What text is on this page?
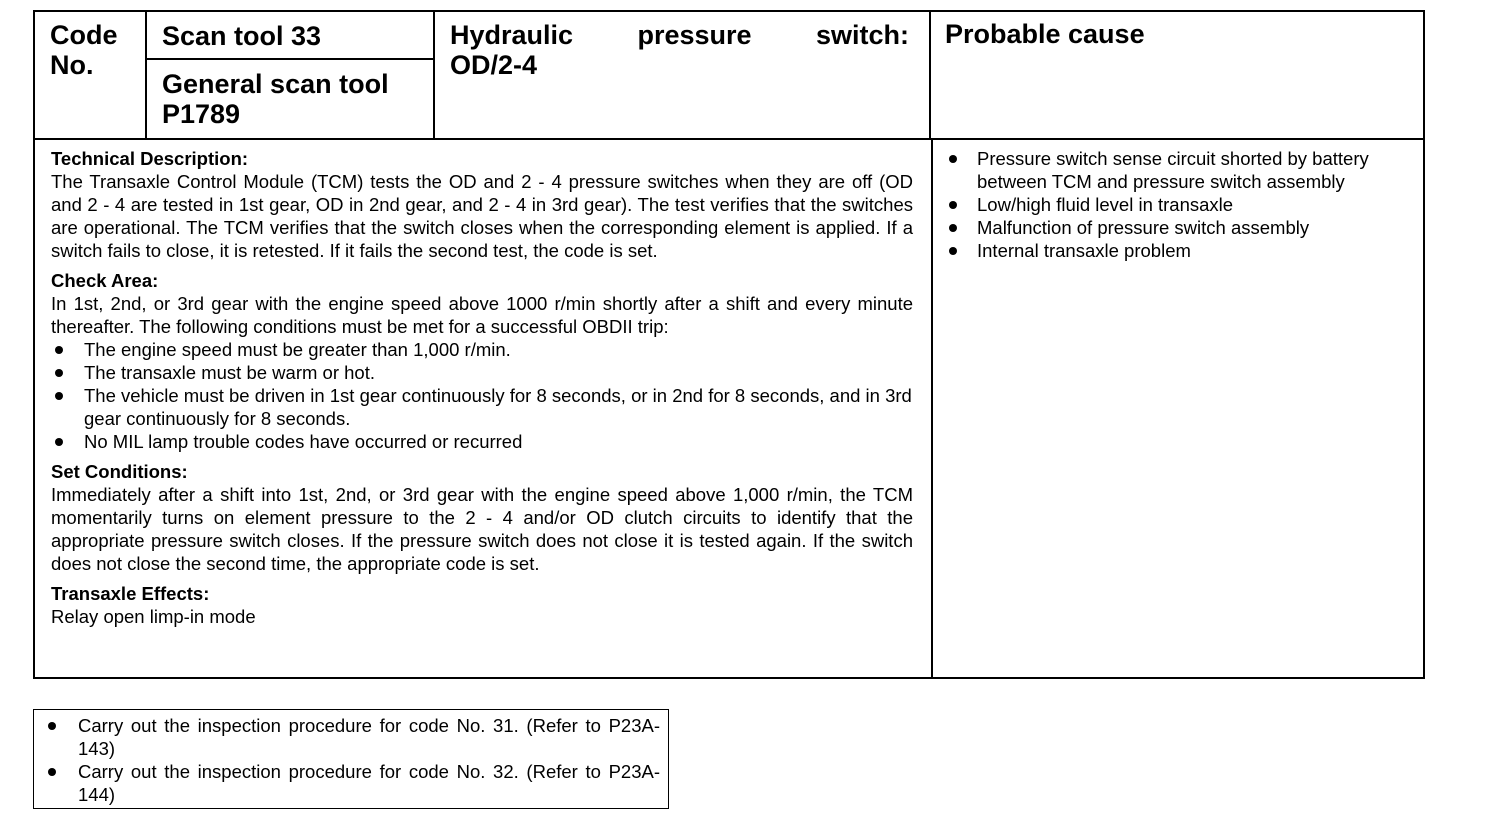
Code
No.
Scan tool 33
General scan tool
P1789
Hydraulic pressure switch:
OD/2-4
Probable cause
Technical Description:

The Transaxle Control Module (TCM) tests the OD and 2 - 4 pressure switches when they are off (OD and 2 - 4 are tested in 1st gear, OD in 2nd gear, and 2 - 4 in 3rd gear). The test verifies that the switches are operational. The TCM verifies that the switch closes when the corresponding element is applied. If a switch fails to close, it is retested. If it fails the second test, the code is set.

Check Area:

In 1st, 2nd, or 3rd gear with the engine speed above 1000 r/min shortly after a shift and every minute thereafter. The following conditions must be met for a successful OBDII trip:

The engine speed must be greater than 1,000 r/min.
The transaxle must be warm or hot.
The vehicle must be driven in 1st gear continuously for 8 seconds, or in 2nd for 8 seconds, and in 3rd gear continuously for 8 seconds.
No MIL lamp trouble codes have occurred or recurred
Set Conditions:

Immediately after a shift into 1st, 2nd, or 3rd gear with the engine speed above 1,000 r/min, the TCM momentarily turns on element pressure to the 2 - 4 and/or OD clutch circuits to identify that the appropriate pressure switch closes. If the pressure switch does not close it is tested again. If the switch does not close the second time, the appropriate code is set.

Transaxle Effects:

Relay open limp-in mode

Pressure switch sense circuit shorted by battery between TCM and pressure switch assembly
Low/high fluid level in transaxle
Malfunction of pressure switch assembly
Internal transaxle problem
Carry out the inspection procedure for code No. 31. (Refer to P23A-143)
Carry out the inspection procedure for code No. 32. (Refer to P23A-144)
